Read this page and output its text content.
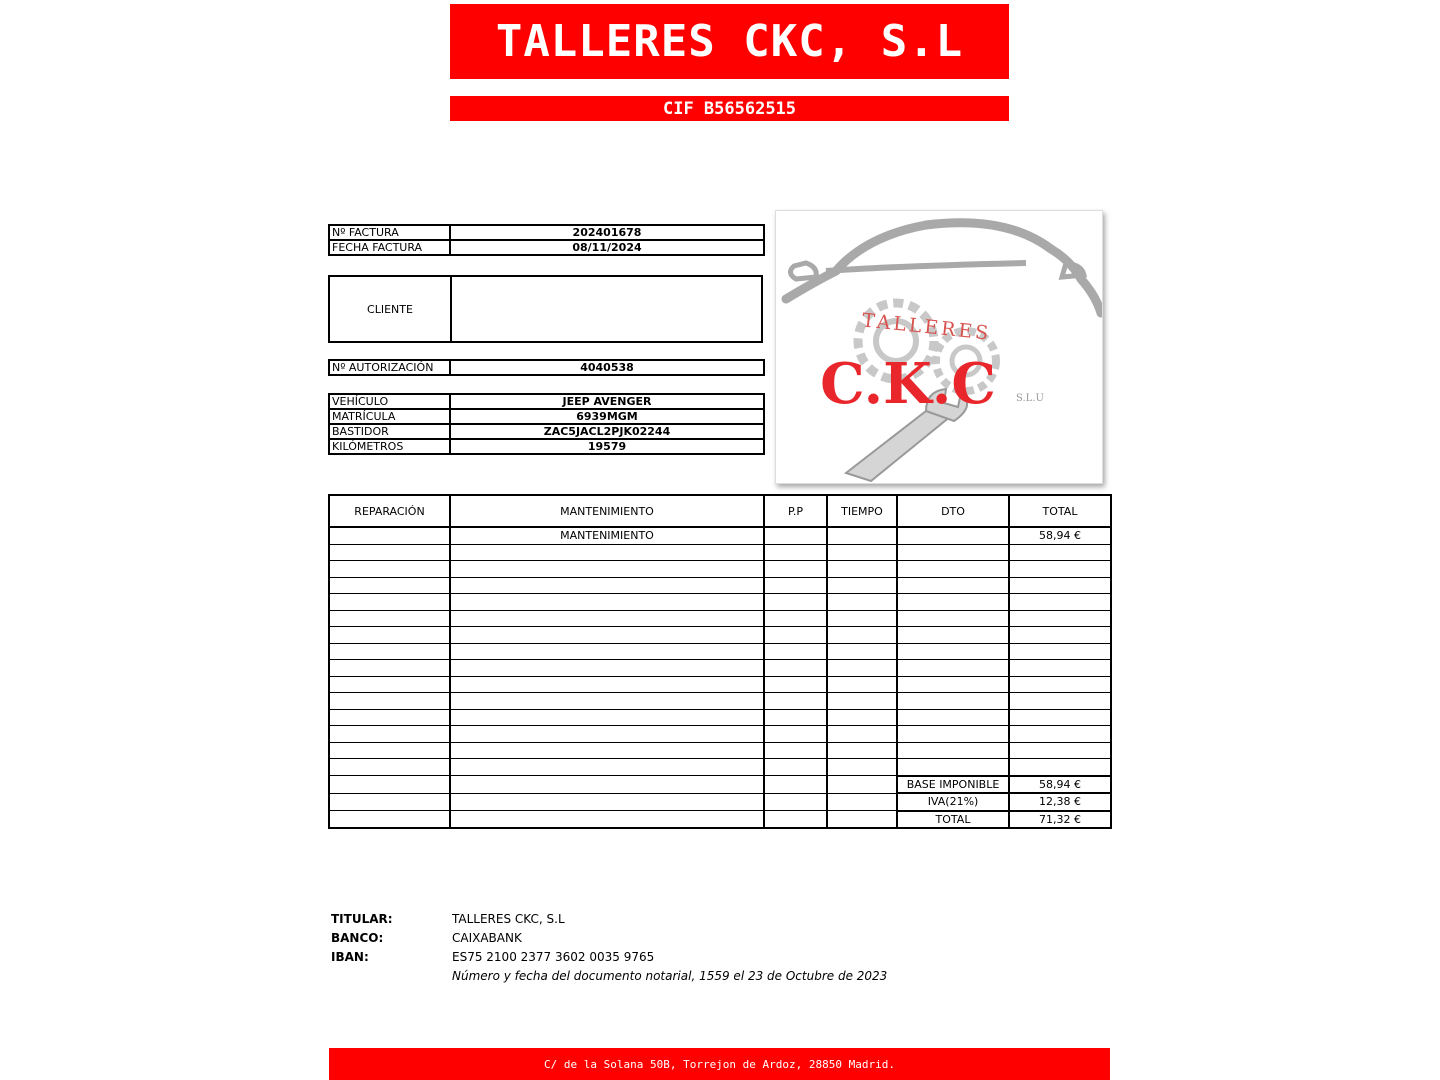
TALLERES CKC, S.L
CIF B56562515
Nº FACTURA	202401678
FECHA FACTURA	08/11/2024
CLIENTE
Nº AUTORIZACIÓN	4040538
VEHÍCULO	JEEP AVENGER
MATRÍCULA	6939MGM
BASTIDOR	ZAC5JACL2PJK02244
KILÓMETROS	19579
TALLERES
C.K.C S.L.U
REPARACIÓN	MANTENIMIENTO	P.P	TIEMPO	DTO	TOTAL
	MANTENIMIENTO				58,94 €

				BASE IMPONIBLE	58,94 €
				IVA(21%)	12,38 €
				TOTAL	71,32 €
TITULAR:	TALLERES CKC, S.L
BANCO:	CAIXABANK
IBAN:	ES75 2100 2377 3602 0035 9765
Número y fecha del documento notarial, 1559 el 23 de Octubre de 2023
C/ de la Solana 50B, Torrejon de Ardoz, 28850 Madrid.
